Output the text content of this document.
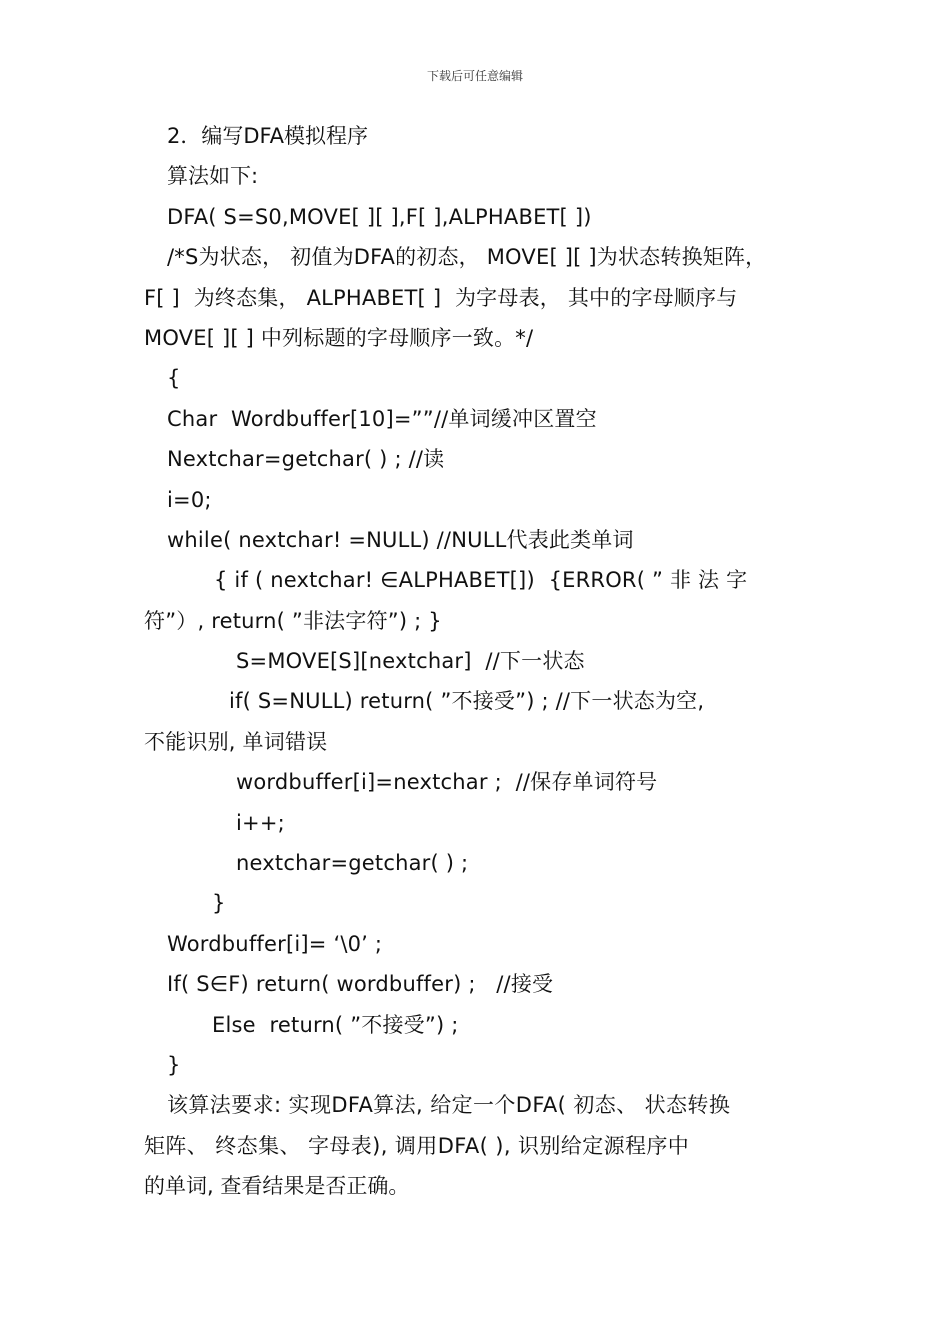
下载后可任意编辑
2．编写DFA模拟程序
算法如下:
DFA( S=S0,MOVE[ ][ ],F[ ],ALPHABET[ ])
/*S为状态， 初值为DFA的初态， MOVE[ ][ ]为状态转换矩阵，
F[ ]  为终态集， ALPHABET[ ]  为字母表， 其中的字母顺序与
MOVE[ ][ ] 中列标题的字母顺序一致。*/
{
Char  Wordbuffer[10]=””//单词缓冲区置空
Nextchar=getchar( ) ; //读
i=0;
while( nextchar! =NULL) //NULL代表此类单词
{ if ( nextchar! ∈ALPHABET[])  {ERROR( ” 非 法 字
符”）, return( ”非法字符”) ; }
S=MOVE[S][nextchar]  //下一状态
if( S=NULL) return( ”不接受”) ; //下一状态为空,
不能识别, 单词错误
wordbuffer[i]=nextchar ;  //保存单词符号
i++;
nextchar=getchar( ) ;
}
Wordbuffer[i]= ‘\0’ ;
If( S∈F) return( wordbuffer) ;   //接受
Else  return( ”不接受”) ;
}
该算法要求: 实现DFA算法, 给定一个DFA( 初态、 状态转换
矩阵、 终态集、 字母表), 调用DFA( ), 识别给定源程序中
的单词, 查看结果是否正确。
